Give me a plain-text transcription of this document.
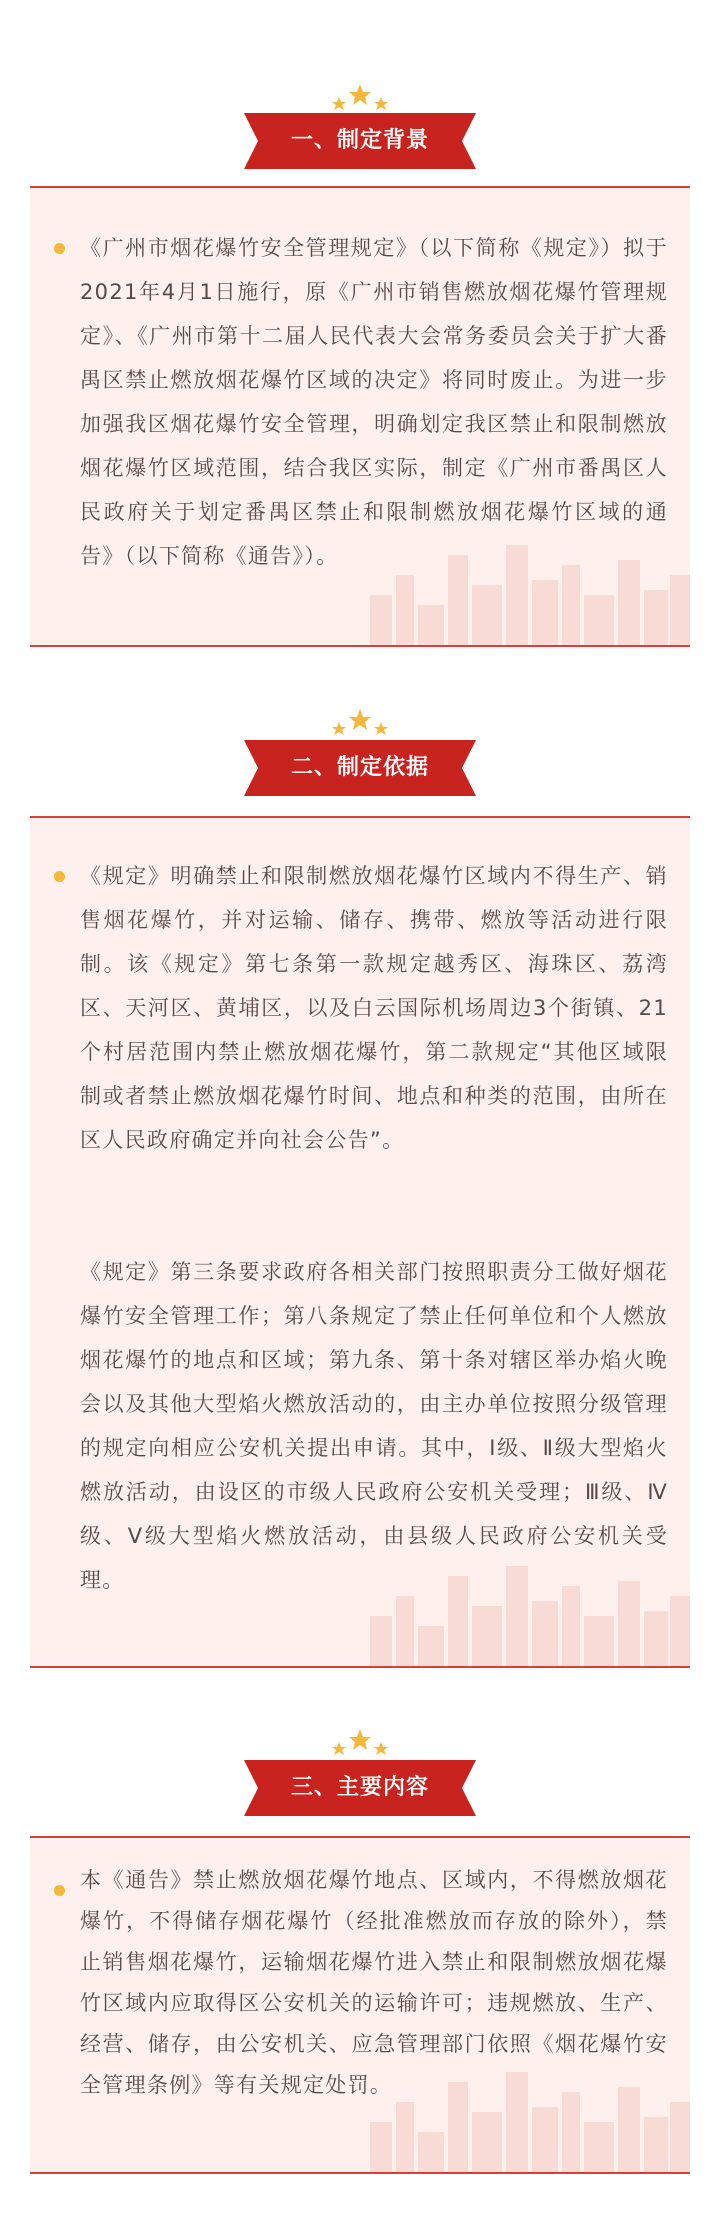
一、制定背景
《广州市烟花爆竹安全管理规定》（以下简称《规定》）拟于2021年4月1日施行，原《广州市销售燃放烟花爆竹管理规定》、《广州市第十二届人民代表大会常务委员会关于扩大番禺区禁止燃放烟花爆竹区域的决定》将同时废止。为进一步加强我区烟花爆竹安全管理，明确划定我区禁止和限制燃放烟花爆竹区域范围，结合我区实际，制定《广州市番禺区人民政府关于划定番禺区禁止和限制燃放烟花爆竹区域的通告》（以下简称《通告》）。
二、制定依据
《规定》明确禁止和限制燃放烟花爆竹区域内不得生产、销售烟花爆竹，并对运输、储存、携带、燃放等活动进行限制。该《规定》第七条第一款规定越秀区、海珠区、荔湾区、天河区、黄埔区，以及白云国际机场周边3个街镇、21个村居范围内禁止燃放烟花爆竹，第二款规定“其他区域限制或者禁止燃放烟花爆竹时间、地点和种类的范围，由所在区人民政府确定并向社会公告”。
《规定》第三条要求政府各相关部门按照职责分工做好烟花爆竹安全管理工作；第八条规定了禁止任何单位和个人燃放烟花爆竹的地点和区域；第九条、第十条对辖区举办焰火晚会以及其他大型焰火燃放活动的，由主办单位按照分级管理的规定向相应公安机关提出申请。其中，Ⅰ级、Ⅱ级大型焰火燃放活动，由设区的市级人民政府公安机关受理；Ⅲ级、Ⅳ级、Ⅴ级大型焰火燃放活动，由县级人民政府公安机关受理。
三、主要内容
本《通告》禁止燃放烟花爆竹地点、区域内，不得燃放烟花爆竹，不得储存烟花爆竹（经批准燃放而存放的除外），禁止销售烟花爆竹，运输烟花爆竹进入禁止和限制燃放烟花爆竹区域内应取得区公安机关的运输许可；违规燃放、生产、经营、储存，由公安机关、应急管理部门依照《烟花爆竹安全管理条例》等有关规定处罚。
